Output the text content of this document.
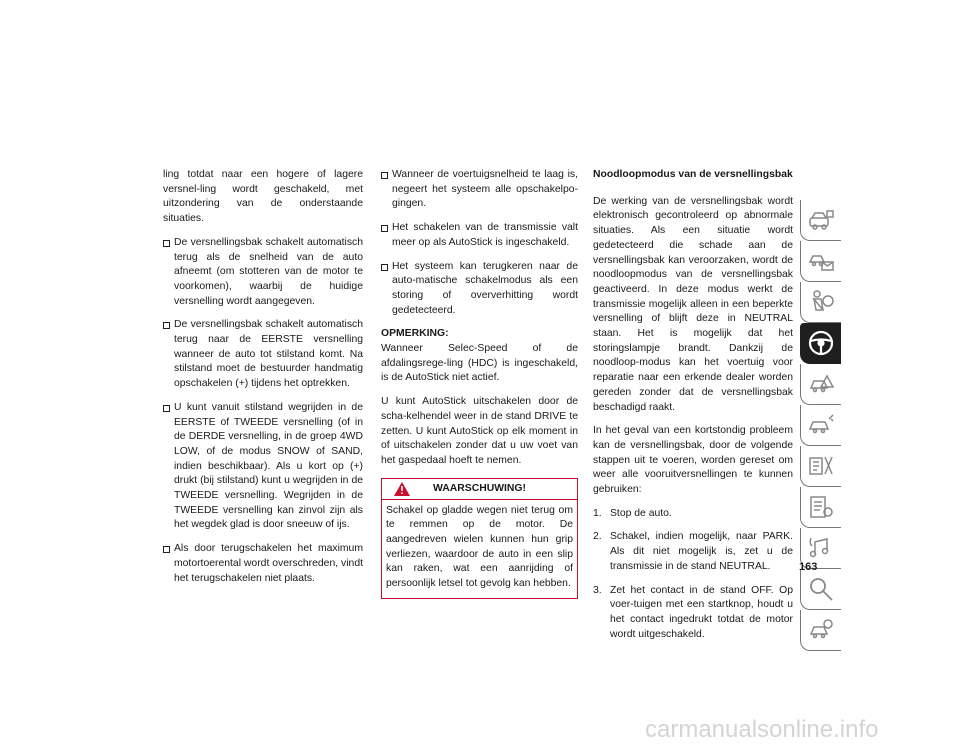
ling totdat naar een hogere of lagere versnel-ling wordt geschakeld, met uitzondering van de onderstaande situaties.

De versnellingsbak schakelt automatisch terug als de snelheid van de auto afneemt (om stotteren van de motor te voorkomen), waarbij de huidige versnelling wordt aangegeven.
De versnellingsbak schakelt automatisch terug naar de EERSTE versnelling wanneer de auto tot stilstand komt. Na stilstand moet de bestuurder handmatig opschakelen (+) tijdens het optrekken.
U kunt vanuit stilstand wegrijden in de EERSTE of TWEEDE versnelling (of in de DERDE versnelling, in de groep 4WD LOW, of de modus SNOW of SAND, indien beschikbaar). Als u kort op (+) drukt (bij stilstand) kunt u wegrijden in de TWEEDE versnelling. Wegrijden in de TWEEDE versnelling kan zinvol zijn als het wegdek glad is door sneeuw of ijs.
Als door terugschakelen het maximum motortoerental wordt overschreden, vindt het terugschakelen niet plaats.
Wanneer de voertuigsnelheid te laag is, negeert het systeem alle opschakelpo-gingen.
Het schakelen van de transmissie valt meer op als AutoStick is ingeschakeld.
Het systeem kan terugkeren naar de auto-matische schakelmodus als een storing of oververhitting wordt gedetecteerd.

OPMERKING:
Wanneer Selec-Speed of de afdalingsrege-ling (HDC) is ingeschakeld, is de AutoStick niet actief.

U kunt AutoStick uitschakelen door de scha-kelhendel weer in de stand DRIVE te zetten. U kunt AutoStick op elk moment in of uitschakelen zonder dat u uw voet van het gaspedaal hoeft te nemen.

WAARSCHUWING!
Schakel op gladde wegen niet terug om te remmen op de motor. De aangedreven wielen kunnen hun grip verliezen, waardoor de auto in een slip kan raken, wat een aanrijding of persoonlijk letsel tot gevolg kan hebben.
Noodloopmodus van de versnellingsbak

De werking van de versnellingsbak wordt elektronisch gecontroleerd op abnormale situaties. Als een situatie wordt gedetecteerd die schade aan de versnellingsbak kan veroorzaken, wordt de noodloopmodus van de versnellingsbak geactiveerd. In deze modus werkt de transmissie mogelijk alleen in een beperkte versnelling of blijft deze in NEUTRAL staan. Het is mogelijk dat het storingslampje brandt. Dankzij de noodloop-modus kan het voertuig voor reparatie naar een erkende dealer worden gereden zonder dat de versnellingsbak beschadigd raakt.

In het geval van een kortstondig probleem kan de versnellingsbak, door de volgende stappen uit te voeren, worden gereset om weer alle vooruitversnellingen te kunnen gebruiken:

1. Stop de auto.
2. Schakel, indien mogelijk, naar PARK. Als dit niet mogelijk is, zet u de transmissie in de stand NEUTRAL.
3. Zet het contact in de stand OFF. Op voer-tuigen met een startknop, houdt u het contact ingedrukt totdat de motor wordt uitgeschakeld.
163
carmanualsonline.info
